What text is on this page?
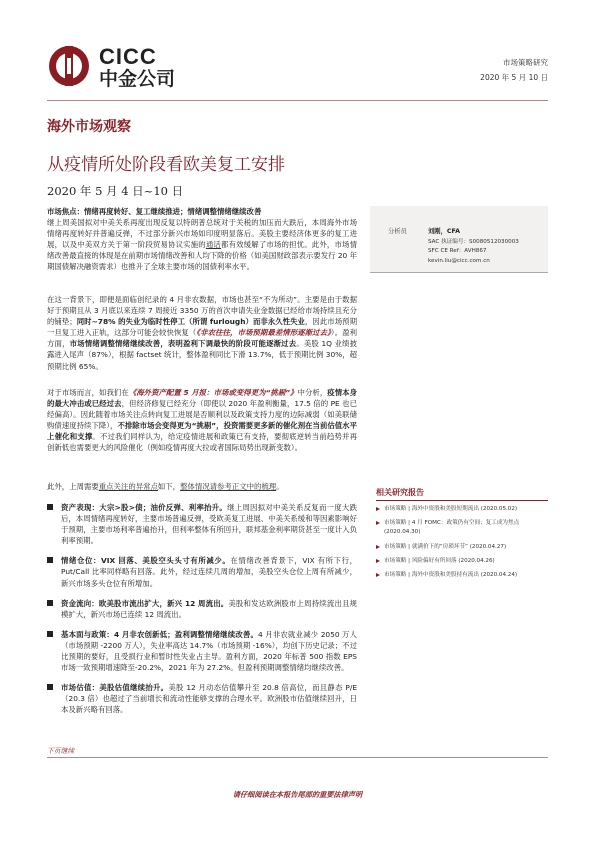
CICC
中金公司
市场策略研究
2020 年 5 月 10 日
海外市场观察
从疫情所处阶段看欧美复工安排
2020 年 5 月 4 日~10 日

市场焦点：情绪再度转好、复工继续推进；情绪调整情绪继续改善

继上周美国拟对中美关系再度出现反复以特朗普总统对于关税的加压而大跌后，本周海外市场情绪再度转好并普遍反弹，不过部分新兴市场如印度明显落后。美股主要经济体更多的复工进展，以及中美双方关于第一阶段贸易协议实施的通话都有效缓解了市场的担忧。此外，市场情绪改善最直接的体现是在前期市场情绪改善和人均下降的价格（如美国财政部表示要发行 20 年期国债解决融资需求）也推升了全球主要市场的国债利率水平。

在这一背景下，即便是面临创纪录的 4 月非农数据，市场也甚至“不为所动”。主要是由于数据好于预期且从 3 月底以来连续 7 周接近 3350 万的首次申请失业金数据已经给市场持续且充分的铺垫；同时~78% 的失业为临时性停工（所谓 furlough）而非永久性失业，因此市场预期一旦复工进入正轨，这部分可能会较快恢复（《非农往往，市场预期最差情形逐渐过去》）。盈利方面，市场情绪调整情绪继续改善，表明盈利下调最快的阶段可能逐渐过去。美股 1Q 业绩披露进入尾声（87%），根据 factset 统计，整体盈利同比下滑 13.7%，低于预期比例 30%，超预期比例 65%。

对于市场而言，如我们在《海外资产配置 5 月报：市场或变得更为“挑剔”》中分析，疫情本身的最大冲击或已经过去，但经济修复已经充分（即使以 2020 年盈利衡量，17.5 倍的 PE 也已经偏高）。因此随着市场关注点转向复工进展是否顺利以及政策支持力度的边际减弱（如美联储购债速度持续下降），不排除市场会变得更为“挑剔”，投资需要更多新的催化剂在当前估值水平上催化和支撑。不过我们同样认为，给定疫情进展和政策已有支持，要彻底逆转当前趋势并再创新低也需要更大的风险催化（例如疫情再度大拉或者国际局势出现新变数）。

此外，上周需要重点关注的异常点如下，整体情况请参考正文中的梳理。

资产表现：大宗>股>债；油价反弹、利率抬升。继上周因拟对中美关系反复而一度大跌后，本周情绪再度转好，主要市场普遍反弹，受欧美复工进展、中美关系缓和等因素影响好于预期，主要市场利率普遍抬升，但利率整体有所回升，联邦基金利率期货甚至一度计入负利率预期。
情绪仓位：VIX 回落、美股空头头寸有所减少。在情绪改善背景下，VIX 有所下行，Put/Call 比率同样略有回落。此外，经过连续几周的增加，美股空头仓位上周有所减少，新兴市场多头仓位有所增加。
资金流向：欧美股市流出扩大，新兴 12 周流出。美股和发达欧洲股市上周持续流出且规模扩大，新兴市场已连续 12 周流出。
基本面与政策：4 月非农创新低；盈利调整情绪继续改善。4 月非农就业减少 2050 万人（市场预期 -2200 万人），失业率高达 14.7%（市场预期 -16%），均创下历史记录；不过比预期的要好，且受损行业和暂时性失业占主导。盈利方面，2020 年标普 500 指数 EPS 市场一致预期增速降至-20.2%，2021 年为 27.2%。但盈利预期调整情绪均继续改善。
市场估值：美股估值继续抬升。美股 12 月动态估值攀升至 20.8 倍高位，而且静态 P/E（20.3 倍）也超过了当前增长和流动性能够支撑的合理水平。欧洲股市估值继续回升，日本及新兴略有回落。
分析员	刘刚，CFA
SAC 执证编号：S0080512030003
SFC CE Ref：AVH867
kevin.liu@cicc.com.cn
相关研究报告
市场策略 | 海外中资股和美股短期流出 (2020.05.02)
市场策略 | 4 月 FOMC：政策仍有空间；复工成为焦点 (2020.04.30)
市场策略 | 就满价下的“房琐坏节” (2020.04.27)
市场策略 | 风险偏好有所回落 (2020.04.26)
市场策略 | 海外中资股和美股持有流出 (2020.04.24)
下页继续
请仔细阅读在本报告尾部的重要法律声明
